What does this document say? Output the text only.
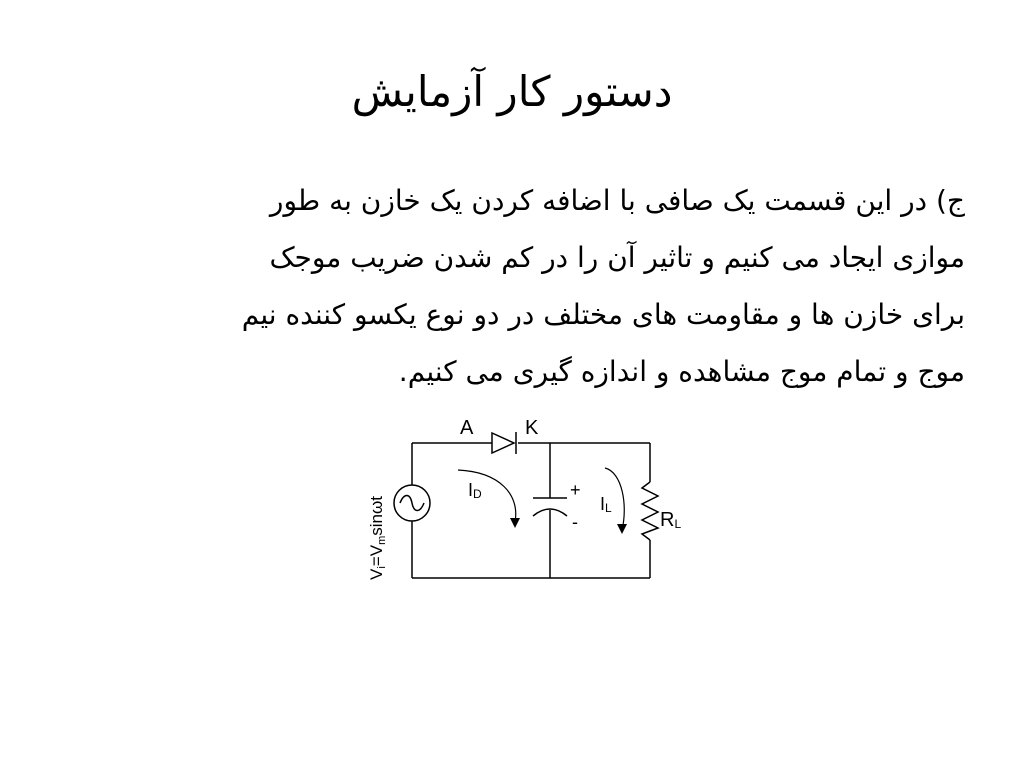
دستور کار آزمایش
ج) در این قسمت یک صافی با اضافه کردن یک خازن به طور
موازی ایجاد می کنیم و تاثیر آن را در کم شدن ضریب موجک
برای خازن ها و مقاومت های مختلف در دو نوع یکسو کننده نیم
موج و تمام موج مشاهده و اندازه گیری می کنیم.
A	K
ID	IL
RL
+
-
Vi=Vmsinωt
